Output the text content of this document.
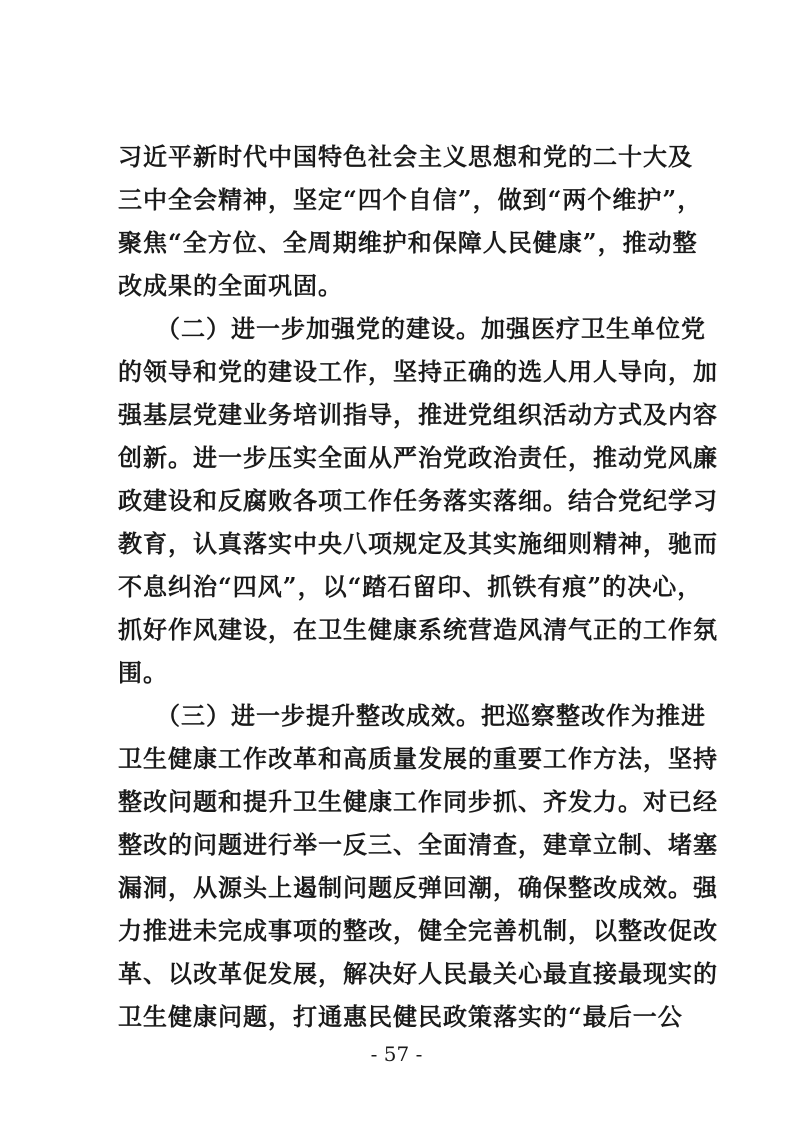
习近平新时代中国特色社会主义思想和党的二十大及
三中全会精神，坚定“四个自信”，做到“两个维护”，
聚焦“全方位、全周期维护和保障人民健康”，推动整
改成果的全面巩固。
　　（二）进一步加强党的建设。加强医疗卫生单位党
的领导和党的建设工作，坚持正确的选人用人导向，加
强基层党建业务培训指导，推进党组织活动方式及内容
创新。进一步压实全面从严治党政治责任，推动党风廉
政建设和反腐败各项工作任务落实落细。结合党纪学习
教育，认真落实中央八项规定及其实施细则精神，驰而
不息纠治“四风”，以“踏石留印、抓铁有痕”的决心，
抓好作风建设，在卫生健康系统营造风清气正的工作氛
围。
　　（三）进一步提升整改成效。把巡察整改作为推进
卫生健康工作改革和高质量发展的重要工作方法，坚持
整改问题和提升卫生健康工作同步抓、齐发力。对已经
整改的问题进行举一反三、全面清查，建章立制、堵塞
漏洞，从源头上遏制问题反弹回潮，确保整改成效。强
力推进未完成事项的整改，健全完善机制，以整改促改
革、以改革促发展，解决好人民最关心最直接最现实的
卫生健康问题，打通惠民健民政策落实的“最后一公
- 57 -
